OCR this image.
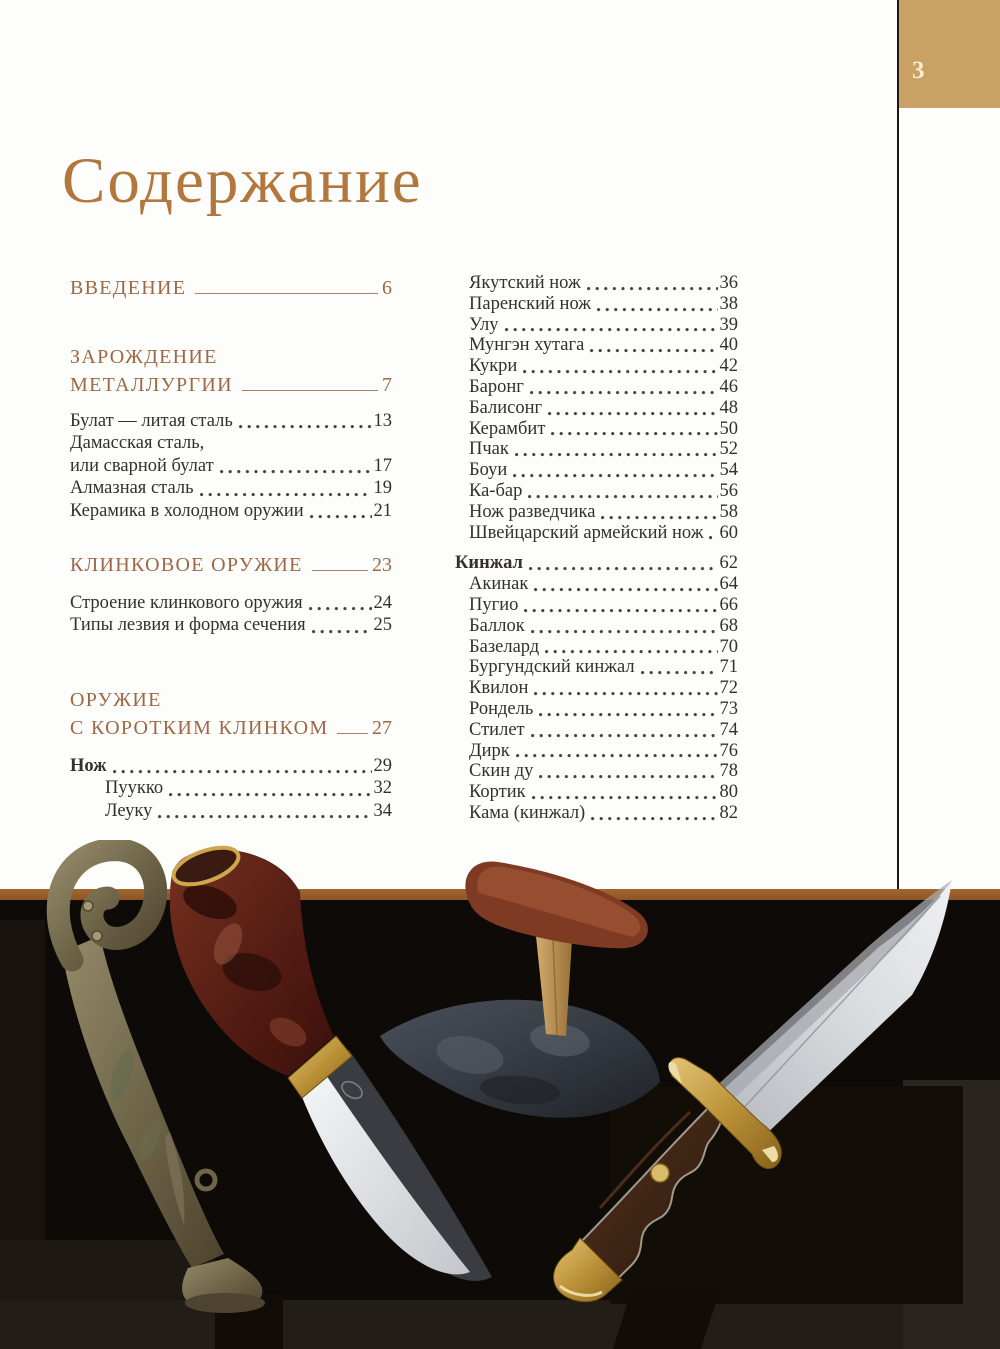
3
Содержание
ВВЕДЕНИЕ	6
ЗАРОЖДЕНИЕ
МЕТАЛЛУРГИИ	7
Булат — литая сталь	13
Дамасская сталь,
или сварной булат	17
Алмазная сталь	19
Керамика в холодном оружии	21
КЛИНКОВОЕ ОРУЖИЕ	23
Строение клинкового оружия	24
Типы лезвия и форма сечения	25
ОРУЖИЕ
С КОРОТКИМ КЛИНКОМ 27
Нож	29
Пуукко	32
Леуку	34
Якутский нож	36
Паренский нож	38
Улу	39
Мунгэн хутага	40
Кукри	42
Баронг	46
Балисонг	48
Керамбит	50
Пчак	52
Боуи	54
Ка-бар	56
Нож разведчика	58
Швейцарский армейский нож 60
Кинжал	62
Акинак	64
Пугио	66
Баллок	68
Базелард	70
Бургундский кинжал	71
Квилон	72
Рондель	73
Стилет	74
Дирк	76
Скин ду	78
Кортик	80
Кама (кинжал)	82
